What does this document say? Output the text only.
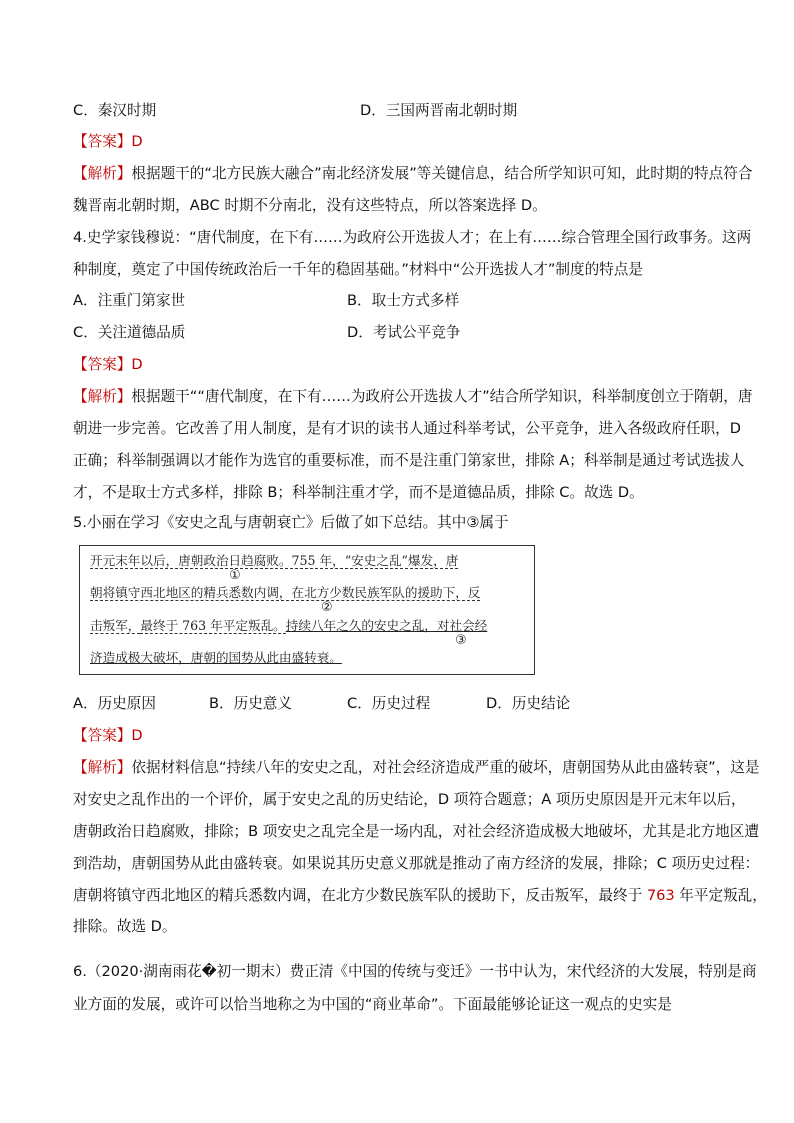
C．秦汉时期	D．三国两晋南北朝时期
【答案】D
【解析】根据题干的“北方民族大融合”南北经济发展”等关键信息，结合所学知识可知，此时期的特点符合
魏晋南北朝时期，ABC 时期不分南北，没有这些特点，所以答案选择 D。
4.史学家钱穆说：“唐代制度，在下有……为政府公开选拔人才；在上有……综合管理全国行政事务。这两
种制度，奠定了中国传统政治后一千年的稳固基础。”材料中“公开选拔人才”制度的特点是
A．注重门第家世	B．取士方式多样
C．关注道德品质	D．考试公平竞争
【答案】D
【解析】根据题干““唐代制度，在下有……为政府公开选拔人才”结合所学知识，科举制度创立于隋朝，唐
朝进一步完善。它改善了用人制度，是有才识的读书人通过科举考试，公平竞争，进入各级政府任职，D
正确；科举制强调以才能作为选官的重要标准，而不是注重门第家世，排除 A；科举制是通过考试选拔人
才，不是取士方式多样，排除 B；科举制注重才学，而不是道德品质，排除 C。故选 D。
5.小丽在学习《安史之乱与唐朝衰亡》后做了如下总结。其中③属于
开元末年以后，唐朝政治日趋腐败。755 年，“安史之乱”爆发，唐
①
朝将镇守西北地区的精兵悉数内调，在北方少数民族军队的援助下，反
②
击叛军，最终于 763 年平定叛乱。持续八年之久的安史之乱，对社会经
③
济造成极大破坏，唐朝的国势从此由盛转衰。
A．历史原因	B．历史意义	C．历史过程	D．历史结论
【答案】D
【解析】依据材料信息“持续八年的安史之乱，对社会经济造成严重的破坏，唐朝国势从此由盛转衰”，这是
对安史之乱作出的一个评价，属于安史之乱的历史结论，D 项符合题意；A 项历史原因是开元末年以后，
唐朝政治日趋腐败，排除；B 项安史之乱完全是一场内乱，对社会经济造成极大地破坏，尤其是北方地区遭
到浩劫，唐朝国势从此由盛转衰。如果说其历史意义那就是推动了南方经济的发展，排除；C 项历史过程：
唐朝将镇守西北地区的精兵悉数内调，在北方少数民族军队的援助下，反击叛军，最终于 763 年平定叛乱，
排除。故选 D。
6.（2020·湖南雨花�初一期末）费正清《中国的传统与变迁》一书中认为，宋代经济的大发展，特别是商
业方面的发展，或许可以恰当地称之为中国的“商业革命”。下面最能够论证这一观点的史实是
